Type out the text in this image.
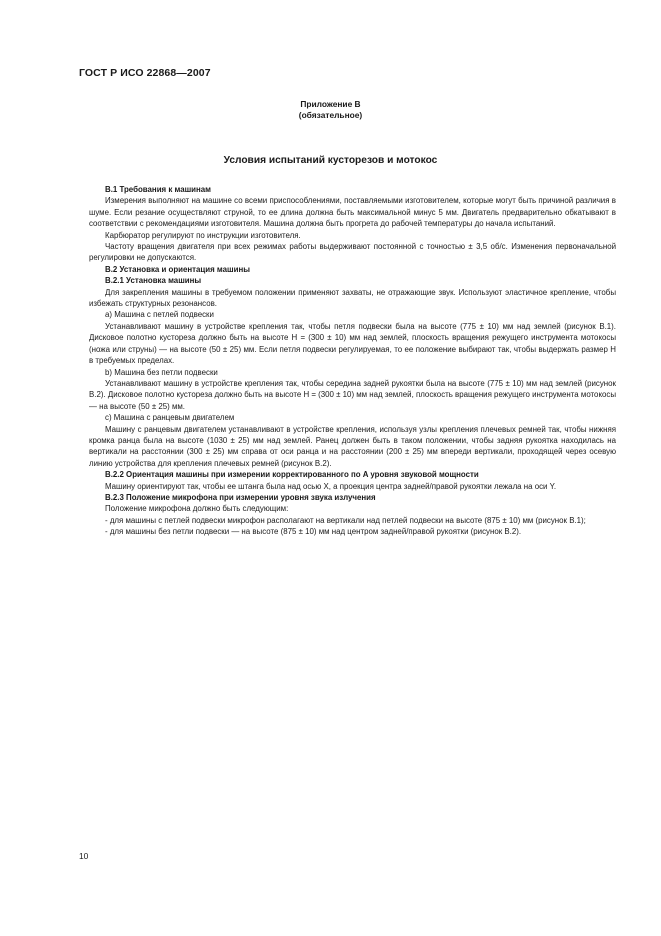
ГОСТ Р ИСО 22868—2007
Приложение В
(обязательное)
Условия испытаний кусторезов и мотокос

В.1 Требования к машинам

Измерения выполняют на машине со всеми приспособлениями, поставляемыми изготовителем, которые могут быть причиной различия в шуме. Если резание осуществляют струной, то ее длина должна быть максимальной минус 5 мм. Двигатель предварительно обкатывают в соответствии с рекомендациями изготовителя. Машина должна быть прогрета до рабочей температуры до начала испытаний.

Карбюратор регулируют по инструкции изготовителя.

Частоту вращения двигателя при всех режимах работы выдерживают постоянной с точностью ± 3,5 об/с. Изменения первоначальной регулировки не допускаются.

В.2 Установка и ориентация машины

В.2.1 Установка машины

Для закрепления машины в требуемом положении применяют захваты, не отражающие звук. Используют эластичное крепление, чтобы избежать структурных резонансов.

а) Машина с петлей подвески

Устанавливают машину в устройстве крепления так, чтобы петля подвески была на высоте (775 ± 10) мм над землей (рисунок В.1). Дисковое полотно кустореза должно быть на высоте H = (300 ± 10) мм над землей, плоскость вращения режущего инструмента мотокосы (ножа или струны) — на высоте (50 ± 25) мм. Если петля подвески регулируемая, то ее положение выбирают так, чтобы выдержать размер H в требуемых пределах.

b) Машина без петли подвески

Устанавливают машину в устройстве крепления так, чтобы середина задней рукоятки была на высоте (775 ± 10) мм над землей (рисунок В.2). Дисковое полотно кустореза должно быть на высоте H = (300 ± 10) мм над землей, плоскость вращения режущего инструмента мотокосы — на высоте (50 ± 25) мм.

c) Машина с ранцевым двигателем

Машину с ранцевым двигателем устанавливают в устройстве крепления, используя узлы крепления плечевых ремней так, чтобы нижняя кромка ранца была на высоте (1030 ± 25) мм над землей. Ранец должен быть в таком положении, чтобы задняя рукоятка находилась на вертикали на расстоянии (300 ± 25) мм справа от оси ранца и на расстоянии (200 ± 25) мм впереди вертикали, проходящей через осевую линию устройства для крепления плечевых ремней (рисунок В.2).

В.2.2 Ориентация машины при измерении корректированного по A уровня звуковой мощности

Машину ориентируют так, чтобы ее штанга была над осью X, а проекция центра задней/правой рукоятки лежала на оси Y.

В.2.3 Положение микрофона при измерении уровня звука излучения

Положение микрофона должно быть следующим:

- для машины с петлей подвески микрофон располагают на вертикали над петлей подвески на высоте (875 ± 10) мм (рисунок В.1);

- для машины без петли подвески — на высоте (875 ± 10) мм над центром задней/правой рукоятки (рисунок В.2).

10
